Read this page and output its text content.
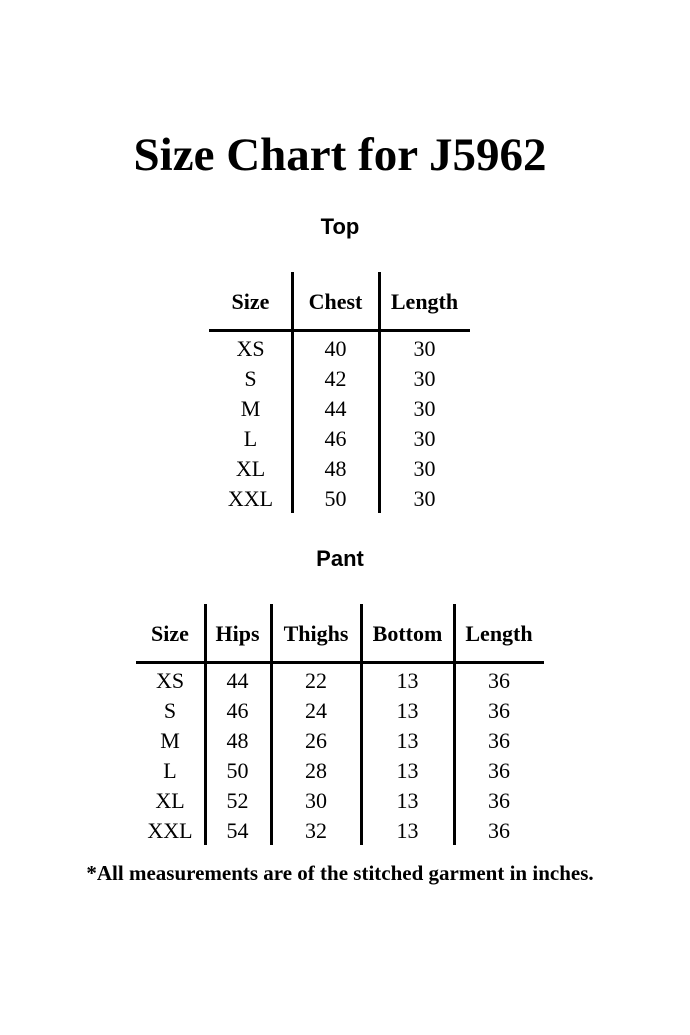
Size Chart for J5962
Top
Size	Chest	Length
XS	40	30
S	42	30
M	44	30
L	46	30
XL	48	30
XXL	50	30
Pant
Size	Hips	Thighs	Bottom	Length
XS	44	22	13	36
S	46	24	13	36
M	48	26	13	36
L	50	28	13	36
XL	52	30	13	36
XXL	54	32	13	36
*All measurements are of the stitched garment in inches.
